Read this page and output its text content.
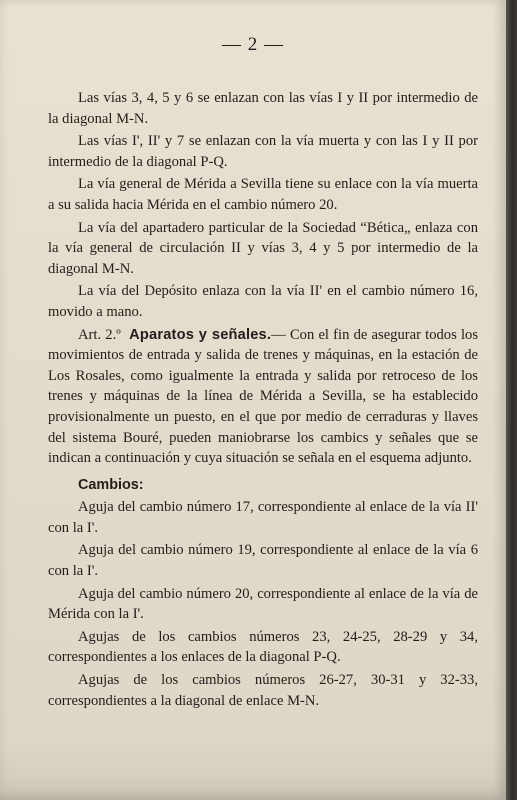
— 2 —

Las vías 3, 4, 5 y 6 se enlazan con las vías I y II por intermedio de la diagonal M-N.

Las vías I', II' y 7 se enlazan con la vía muerta y con las I y II por intermedio de la diagonal P-Q.

La vía general de Mérida a Sevilla tiene su enlace con la vía muerta a su salida hacia Mérida en el cambio número 20.

La vía del apartadero particular de la Sociedad “Bética„ enlaza con la vía general de circulación II y vías 3, 4 y 5 por intermedio de la diagonal M-N.

La vía del Depósito enlaza con la vía II' en el cambio número 16, movido a mano.

Art. 2.º Aparatos y señales.— Con el fin de asegurar todos los movimientos de entrada y salida de trenes y máquinas, en la estación de Los Rosales, como igualmente la entrada y salida por retroceso de los trenes y máquinas de la línea de Mérida a Sevilla, se ha establecido provisionalmente un puesto, en el que por medio de cerraduras y llaves del sistema Bouré, pueden maniobrarse los cambics y señales que se indican a continuación y cuya situación se señala en el esquema adjunto.

Cambios:

Aguja del cambio número 17, correspondiente al enlace de la vía II' con la I'.

Aguja del cambio número 19, correspondiente al enlace de la vía 6 con la I'.

Aguja del cambio número 20, correspondiente al enlace de la vía de Mérida con la I'.

Agujas de los cambios números 23, 24-25, 28-29 y 34, correspondientes a los enlaces de la diagonal P-Q.

Agujas de los cambios números 26-27, 30-31 y 32-33, correspondientes a la diagonal de enlace M-N.
